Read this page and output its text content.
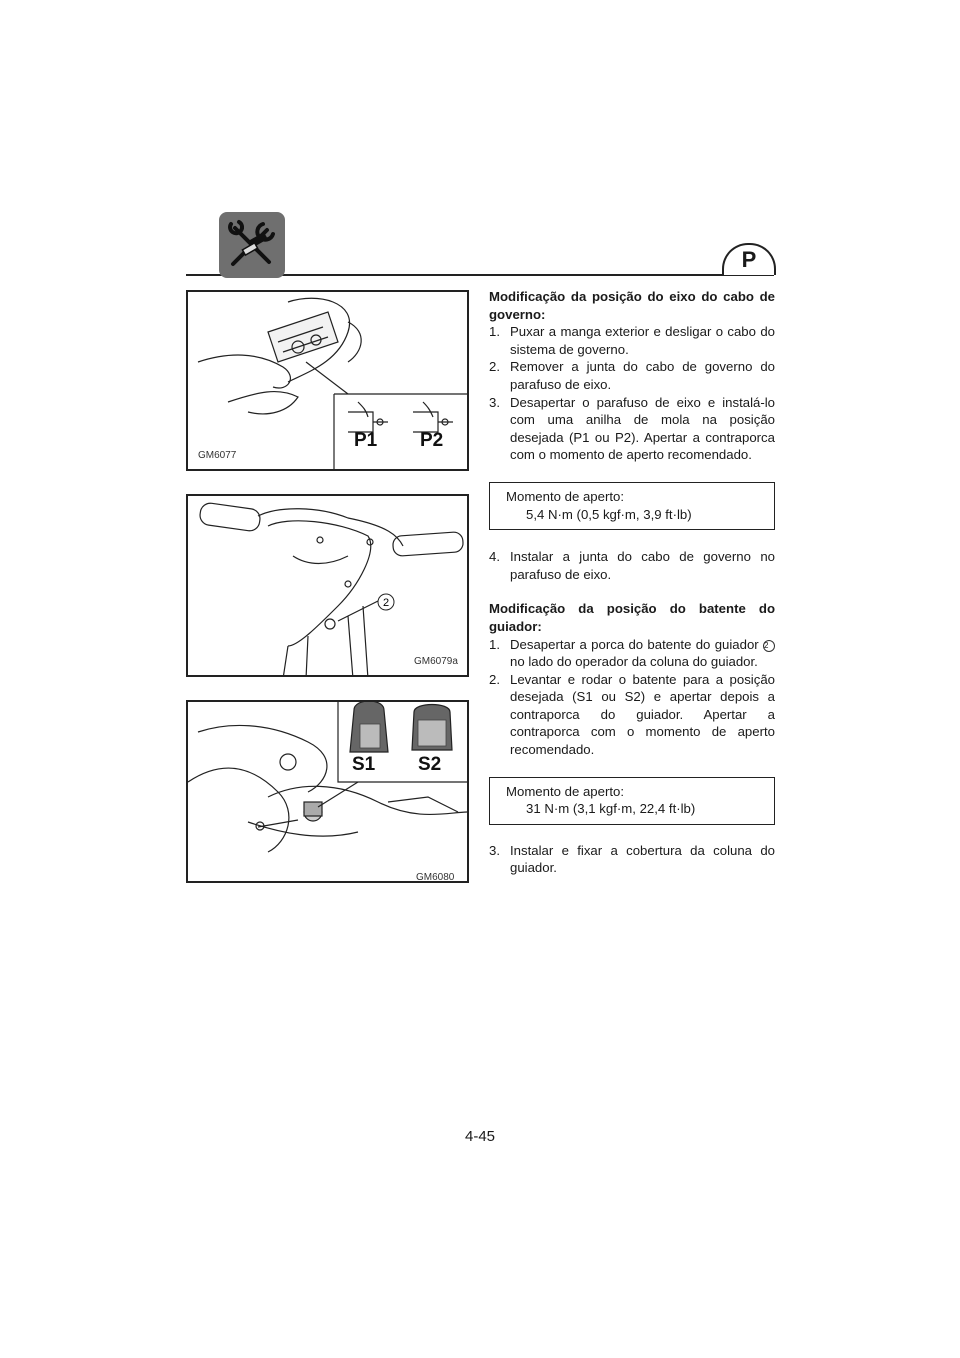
P
GM6077
P1 P2
2
GM6079a
S1 S2
GM6080

Modificação da posição do eixo do cabo de governo:

1. Puxar a manga exterior e desligar o cabo do sistema de governo.
2. Remover a junta do cabo de governo do parafuso de eixo.
3. Desapertar o parafuso de eixo e instalá-lo com uma anilha de mola na posição desejada (P1 ou P2). Apertar a contraporca com o momento de aperto recomendado.
Momento de aperto:
5,4 N·m (0,5 kgf·m, 3,9 ft·lb)
4. Instalar a junta do cabo de governo no parafuso de eixo.

Modificação da posição do batente do guiador:

1. Desapertar a porca do batente do guiador 2 no lado do operador da coluna do guiador.
2. Levantar e rodar o batente para a posição desejada (S1 ou S2) e apertar depois a contraporca do guiador. Apertar a contraporca com o momento de aperto recomendado.
Momento de aperto:
31 N·m (3,1 kgf·m, 22,4 ft·lb)
3. Instalar e fixar a cobertura da coluna do guiador.
4-45
